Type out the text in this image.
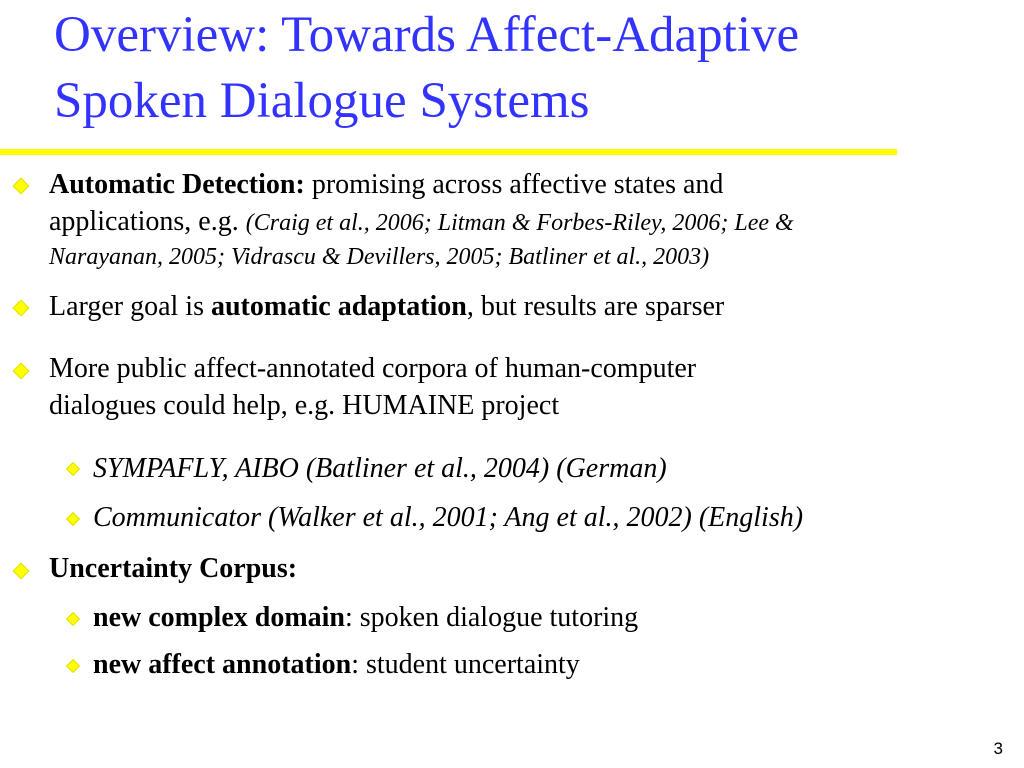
Overview: Towards Affect-Adaptive
Spoken Dialogue Systems

Automatic Detection: promising across affective states and
applications, e.g. (Craig et al., 2006; Litman & Forbes-Riley, 2006; Lee &
Narayanan, 2005; Vidrascu & Devillers, 2005; Batliner et al., 2003)

Larger goal is automatic adaptation, but results are sparser

More public affect-annotated corpora of human-computer
dialogues could help, e.g. HUMAINE project

SYMPAFLY, AIBO (Batliner et al., 2004) (German)

Communicator (Walker et al., 2001; Ang et al., 2002) (English)

Uncertainty Corpus:

new complex domain: spoken dialogue tutoring

new affect annotation: student uncertainty

3
